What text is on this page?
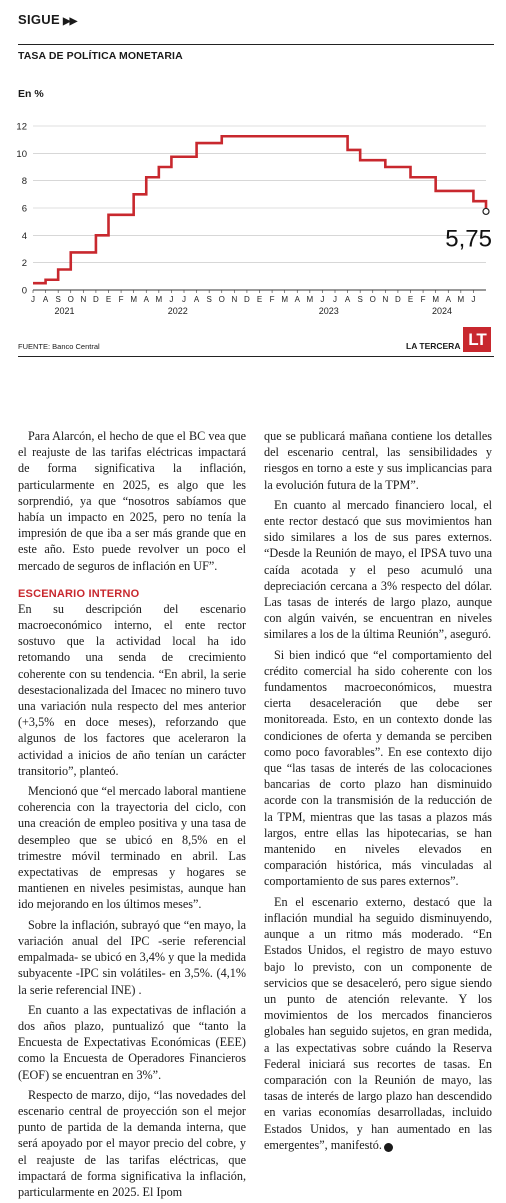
SIGUE ▶▶
TASA DE POLÍTICA MONETARIA
En %
0
2
4
6
8
10
12
J A S O N D E F M A M J J A S O N D E F M A M J J A S O N D E F M A M J
2021	2022	2023	2024
5,75
FUENTE: Banco Central	LA TERCERA LT

Para Alarcón, el hecho de que el BC vea que el reajuste de las tarifas eléctricas impactará de forma significativa la inflación, particularmente en 2025, es algo que les sorprendió, ya que “nosotros sabíamos que había un impacto en 2025, pero no tenía la impresión de que iba a ser más grande que en este año. Esto puede revolver un poco el mercado de seguros de inflación en UF”.

ESCENARIO INTERNO

En su descripción del escenario macroeconómico interno, el ente rector sostuvo que la actividad local ha ido retomando una senda de crecimiento coherente con su tendencia. “En abril, la serie desestacionalizada del Imacec no minero tuvo una variación nula respecto del mes anterior (+3,5% en doce meses), reforzando que algunos de los factores que aceleraron la actividad a inicios de año tenían un carácter transitorio”, planteó.

Mencionó que “el mercado laboral mantiene coherencia con la trayectoria del ciclo, con una creación de empleo positiva y una tasa de desempleo que se ubicó en 8,5% en el trimestre móvil terminado en abril. Las expectativas de empresas y hogares se mantienen en niveles pesimistas, aunque han ido mejorando en los últimos meses”.

Sobre la inflación, subrayó que “en mayo, la variación anual del IPC -serie referencial empalmada- se ubicó en 3,4% y que la medida subyacente -IPC sin volátiles- en 3,5%. (4,1% la serie referencial INE) .

En cuanto a las expectativas de inflación a dos años plazo, puntualizó que “tanto la Encuesta de Expectativas Económicas (EEE) como la Encuesta de Operadores Financieros (EOF) se encuentran en 3%”.

Respecto de marzo, dijo, “las novedades del escenario central de proyección son el mejor punto de partida de la demanda interna, que será apoyado por el mayor precio del cobre, y el reajuste de las tarifas eléctricas, que impactará de forma significativa la inflación, particularmente en 2025. El Ipom

que se publicará mañana contiene los detalles del escenario central, las sensibilidades y riesgos en torno a este y sus implicancias para la evolución futura de la TPM”.

En cuanto al mercado financiero local, el ente rector destacó que sus movimientos han sido similares a los de sus pares externos. “Desde la Reunión de mayo, el IPSA tuvo una caída acotada y el peso acumuló una depreciación cercana a 3% respecto del dólar. Las tasas de interés de largo plazo, aunque con algún vaivén, se encuentran en niveles similares a los de la última Reunión”, aseguró.

Si bien indicó que “el comportamiento del crédito comercial ha sido coherente con los fundamentos macroeconómicos, muestra cierta desaceleración que debe ser monitoreada. Esto, en un contexto donde las condiciones de oferta y demanda se perciben como poco favorables”. En ese contexto dijo que “las tasas de interés de las colocaciones bancarias de corto plazo han disminuido acorde con la transmisión de la reducción de la TPM, mientras que las tasas a plazos más largos, entre ellas las hipotecarias, se han mantenido en niveles elevados en comparación histórica, más vinculadas al comportamiento de sus pares externos”.

En el escenario externo, destacó que la inflación mundial ha seguido disminuyendo, aunque a un ritmo más moderado. “En Estados Unidos, el registro de mayo estuvo bajo lo previsto, con un componente de servicios que se desaceleró, pero sigue siendo un punto de atención relevante. Y los movimientos de los mercados financieros globales han seguido sujetos, en gran medida, a las expectativas sobre cuándo la Reserva Federal iniciará sus recortes de tasas. En comparación con la Reunión de mayo, las tasas de interés de largo plazo han descendido en varias economías desarrolladas, incluido Estados Unidos, y han aumentado en las emergentes”, manifestó. P
